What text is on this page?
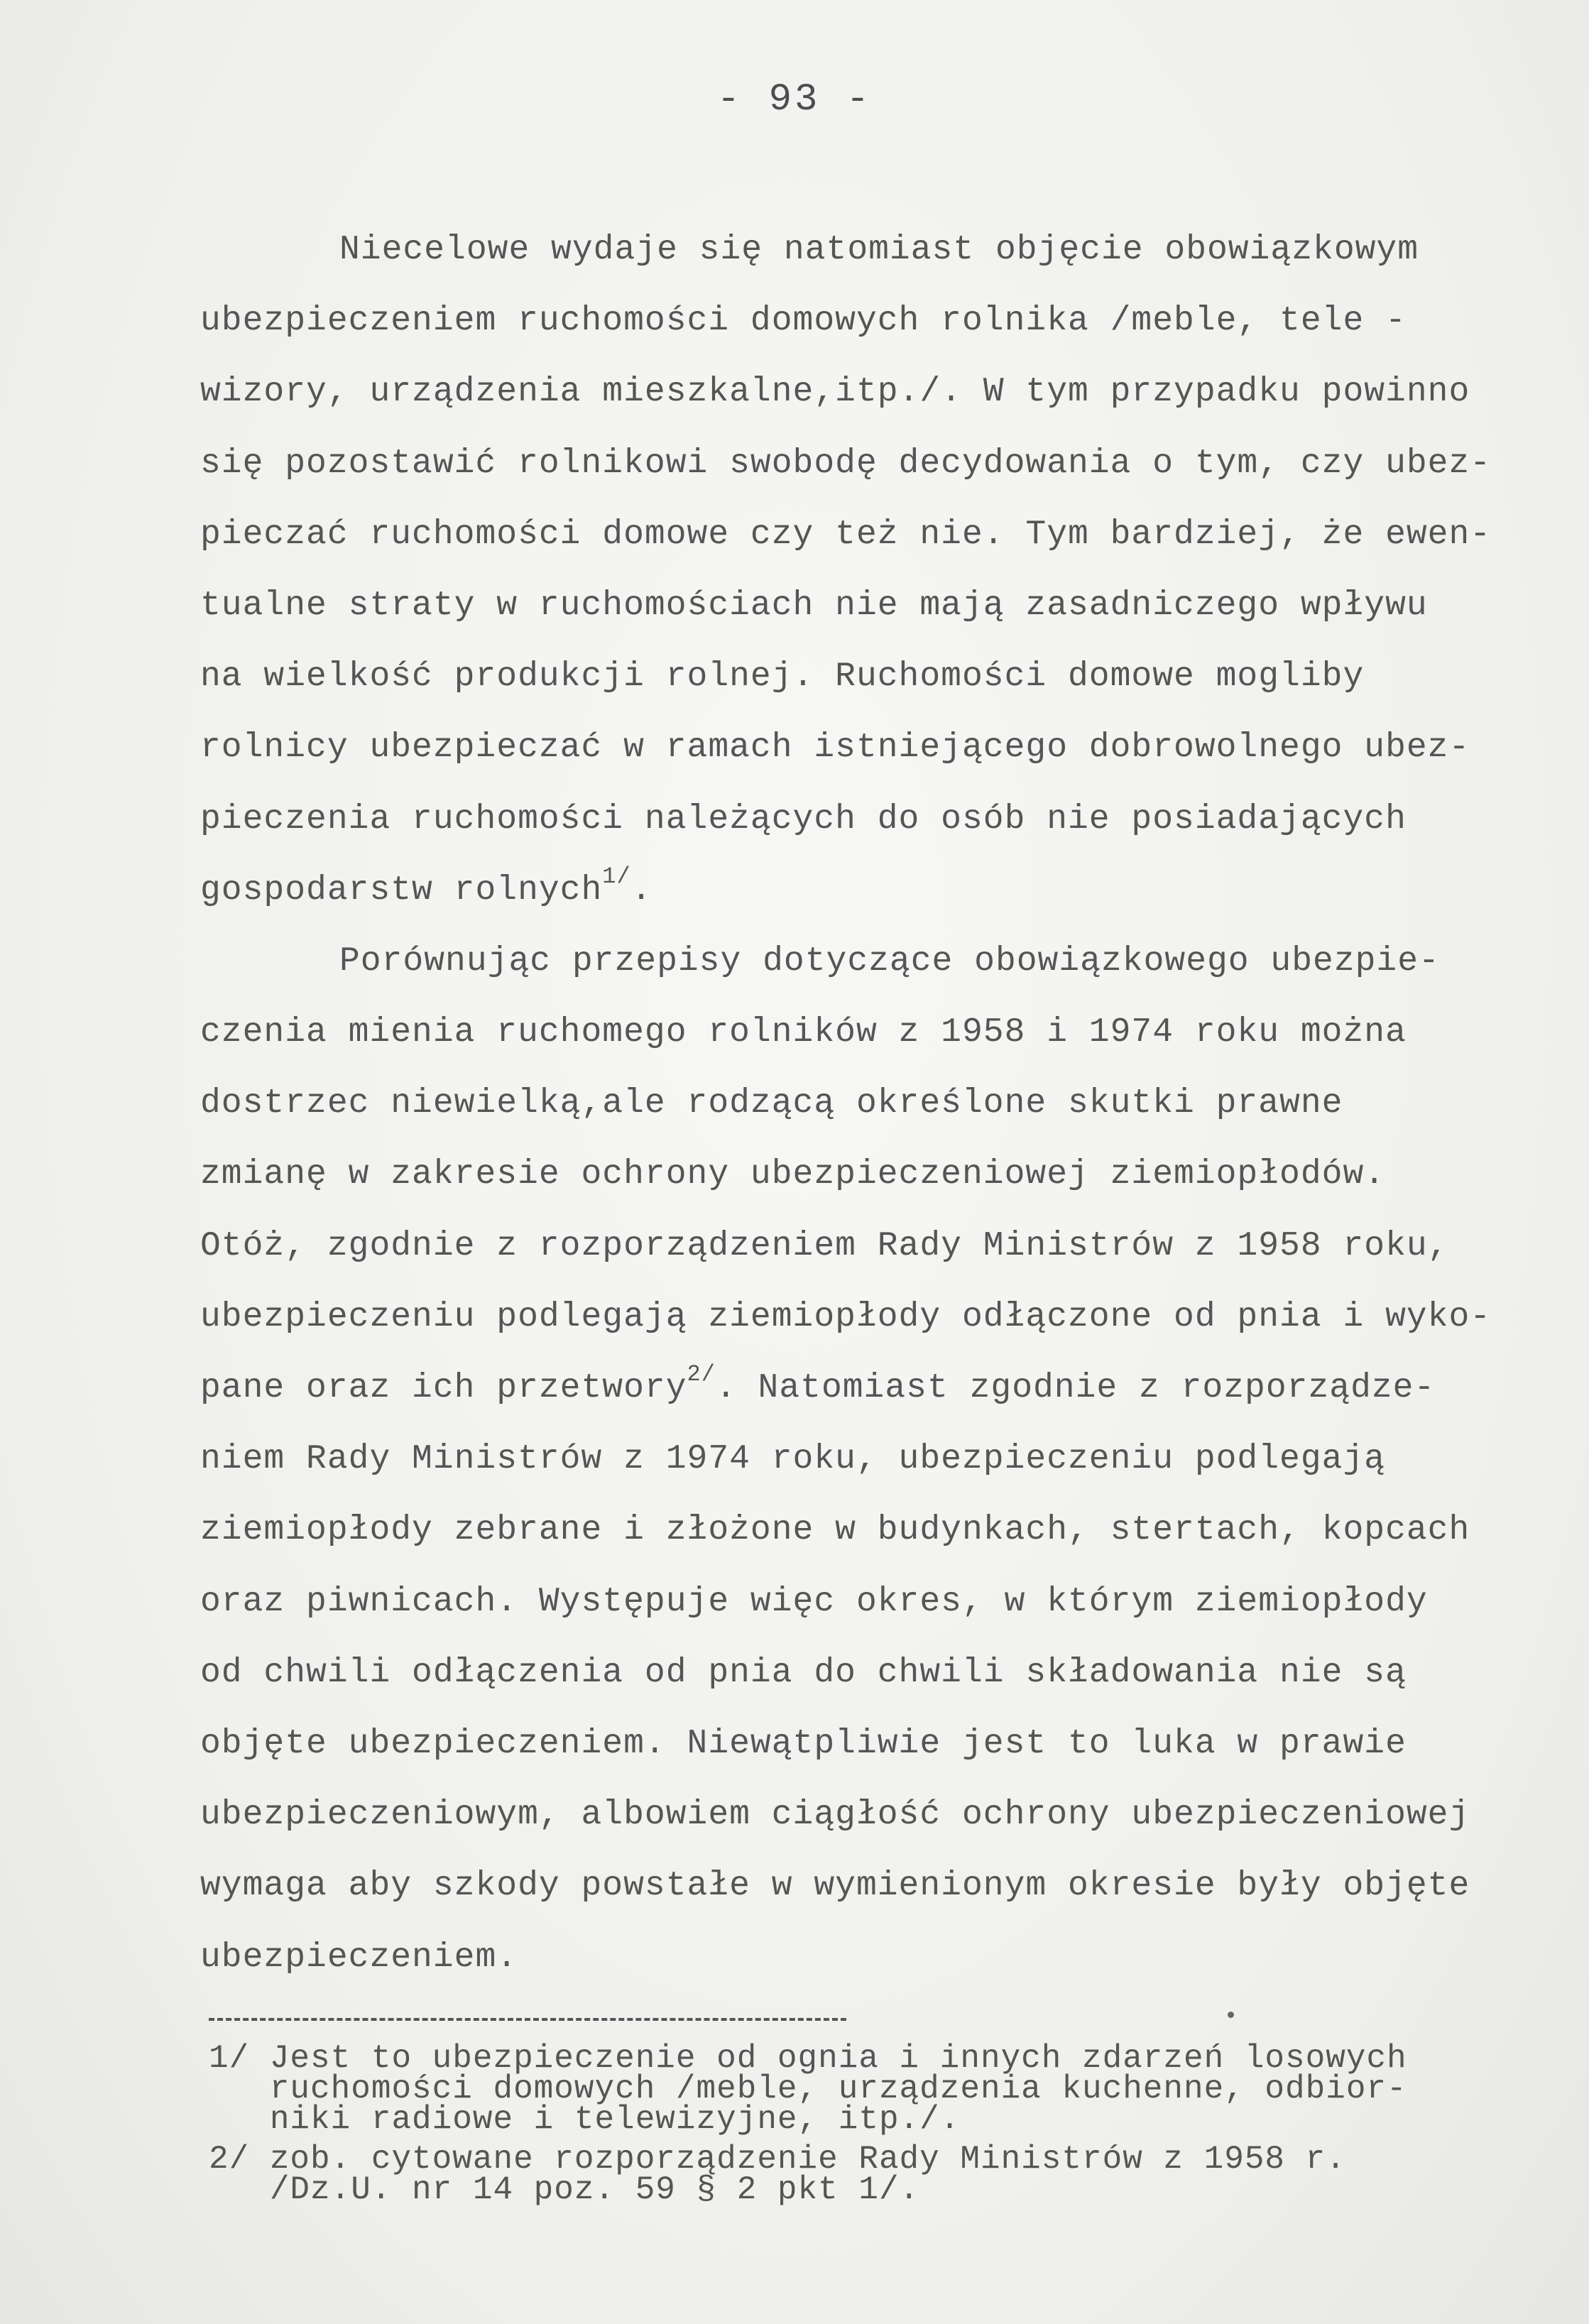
- 93 -
Niecelowe wydaje się natomiast objęcie obowiązkowym
ubezpieczeniem ruchomości domowych rolnika /meble, tele -
wizory, urządzenia mieszkalne,itp./. W tym przypadku powinno
się pozostawić rolnikowi swobodę decydowania o tym, czy ubez-
pieczać ruchomości domowe czy też nie. Tym bardziej, że ewen-
tualne straty w ruchomościach nie mają zasadniczego wpływu
na wielkość produkcji rolnej. Ruchomości domowe mogliby
rolnicy ubezpieczać w ramach istniejącego dobrowolnego ubez-
pieczenia ruchomości należących do osób nie posiadających
gospodarstw rolnych$^{1/}$.
Porównując przepisy dotyczące obowiązkowego ubezpie-
czenia mienia ruchomego rolników z 1958 i 1974 roku można
dostrzec niewielką,ale rodzącą określone skutki prawne
zmianę w zakresie ochrony ubezpieczeniowej ziemiopłodów.
Otóż, zgodnie z rozporządzeniem Rady Ministrów z 1958 roku,
ubezpieczeniu podlegają ziemiopłody odłączone od pnia i wyko-
pane oraz ich przetwory$^{2/}$. Natomiast zgodnie z rozporządze-
niem Rady Ministrów z 1974 roku, ubezpieczeniu podlegają
ziemiopłody zebrane i złożone w budynkach, stertach, kopcach
oraz piwnicach. Występuje więc okres, w którym ziemiopłody
od chwili odłączenia od pnia do chwili składowania nie są
objęte ubezpieczeniem. Niewątpliwie jest to luka w prawie
ubezpieczeniowym, albowiem ciągłość ochrony ubezpieczeniowej
wymaga aby szkody powstałe w wymienionym okresie były objęte
ubezpieczeniem.
1/ Jest to ubezpieczenie od ognia i innych zdarzeń losowych
ruchomości domowych /meble, urządzenia kuchenne, odbior-
niki radiowe i telewizyjne, itp./.
2/ zob. cytowane rozporządzenie Rady Ministrów z 1958 r.
/Dz.U. nr 14 poz. 59 § 2 pkt 1/.
